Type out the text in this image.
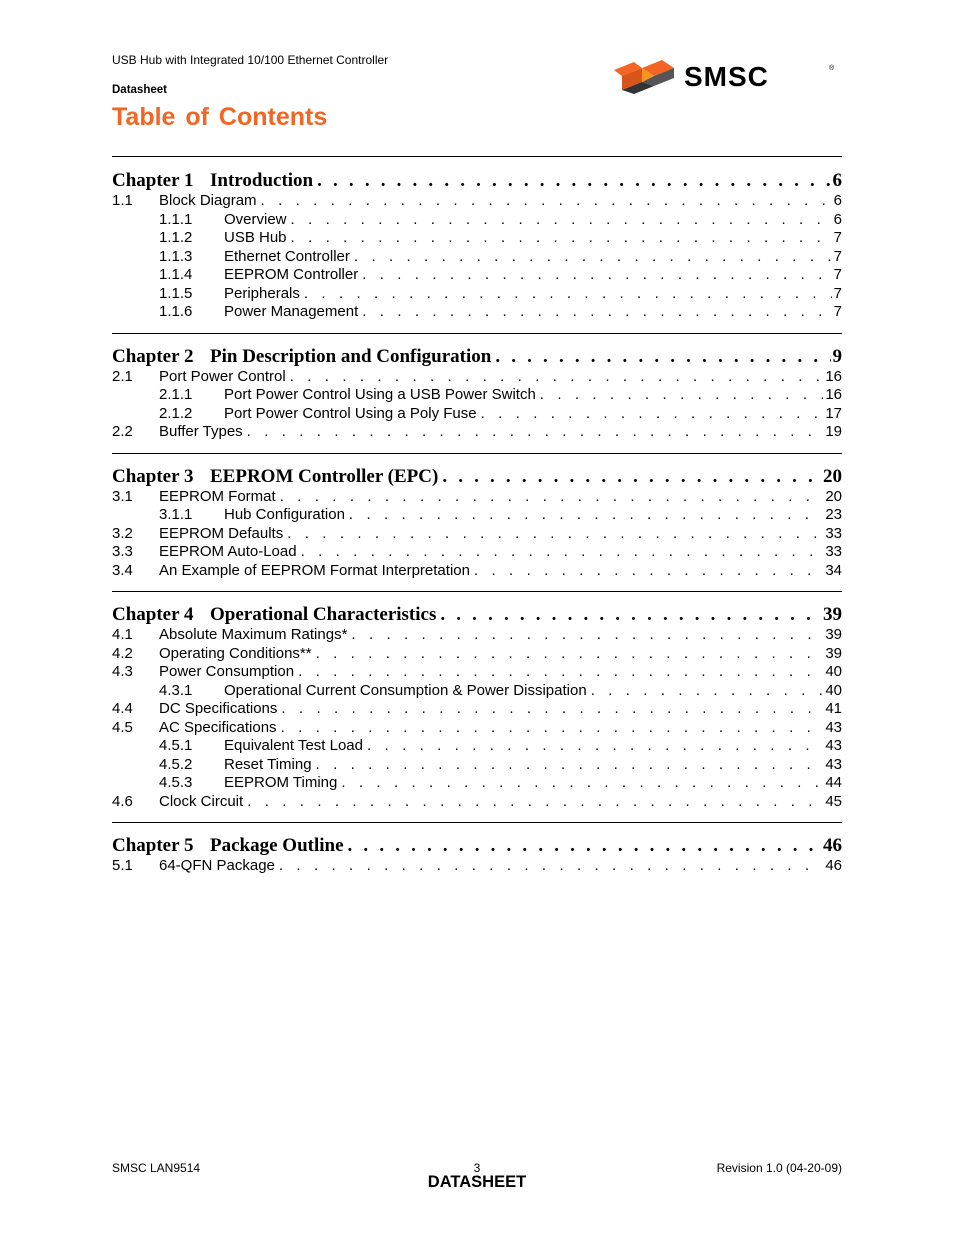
USB Hub with Integrated 10/100 Ethernet Controller
Datasheet
Table of Contents
SMSC	®
Chapter 1 Introduction . . .	6
1.1	Block Diagram . . .	6
1.1.1	Overview . . .	6
1.1.2	USB Hub . . .	7
1.1.3	Ethernet Controller . . .	7
1.1.4	EEPROM Controller . . .	7
1.1.5	Peripherals . . .	7
1.1.6	Power Management . . .	7
Chapter 2 Pin Description and Configuration . . .	9
2.1	Port Power Control . . .	16
2.1.1	Port Power Control Using a USB Power Switch . . .	16
2.1.2	Port Power Control Using a Poly Fuse . . .	17
2.2	Buffer Types . . .	19
Chapter 3 EEPROM Controller (EPC) . . .	20
3.1	EEPROM Format . . .	20
3.1.1	Hub Configuration . . .	23
3.2	EEPROM Defaults . . .	33
3.3	EEPROM Auto-Load . . .	33
3.4	An Example of EEPROM Format Interpretation . . .	34
Chapter 4 Operational Characteristics . . .	39
4.1	Absolute Maximum Ratings* . . .	39
4.2	Operating Conditions** . . .	39
4.3	Power Consumption . . .	40
4.3.1	Operational Current Consumption & Power Dissipation . . .	40
4.4	DC Specifications . . .	41
4.5	AC Specifications . . .	43
4.5.1	Equivalent Test Load . . .	43
4.5.2	Reset Timing . . .	43
4.5.3	EEPROM Timing . . .	44
4.6	Clock Circuit . . .	45
Chapter 5 Package Outline . . .	46
5.1	64-QFN Package . . .	46
SMSC LAN9514	3
DATASHEET
Revision 1.0 (04-20-09)
